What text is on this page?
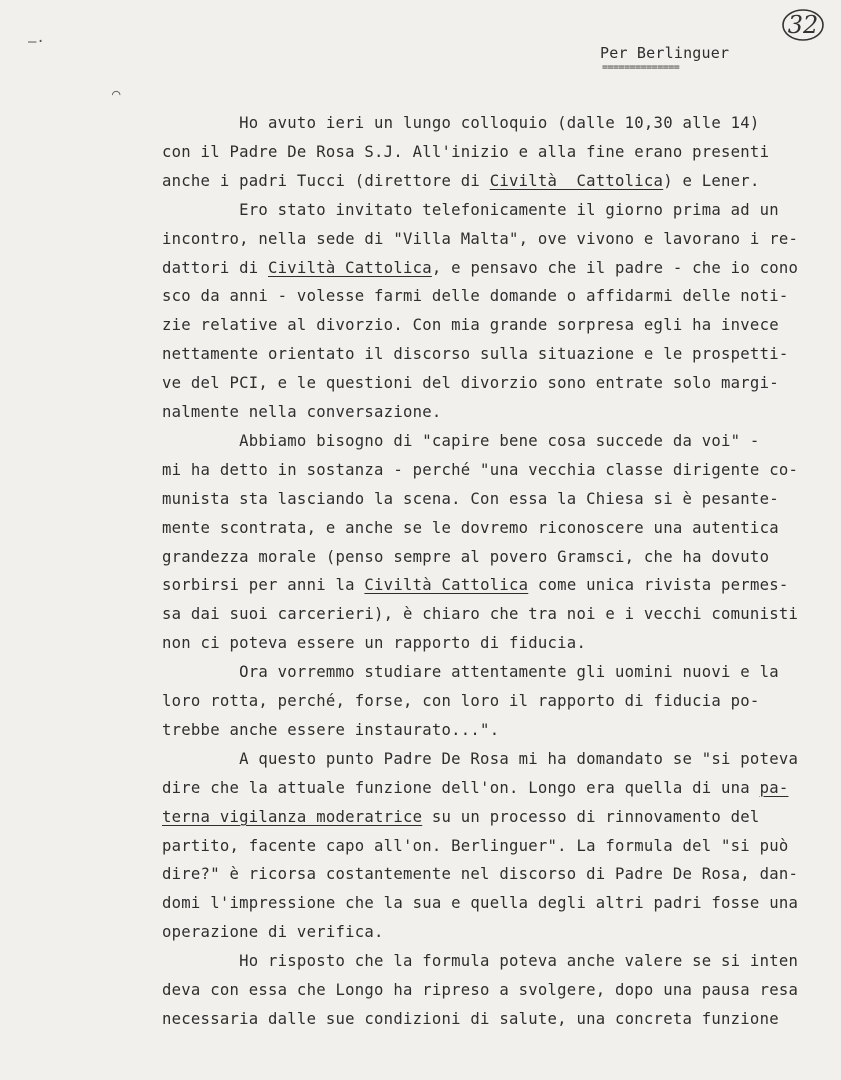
32
Per Berlinguer
==============
—·
⌒
Ho avuto ieri un lungo colloquio (dalle 10,30 alle 14)
con il Padre De Rosa S.J. All'inizio e alla fine erano presenti
anche i padri Tucci (direttore di Civiltà  Cattolica) e Lener.
Ero stato invitato telefonicamente il giorno prima ad un
incontro, nella sede di "Villa Malta", ove vivono e lavorano i re-
dattori di Civiltà Cattolica, e pensavo che il padre - che io cono
sco da anni - volesse farmi delle domande o affidarmi delle noti-
zie relative al divorzio. Con mia grande sorpresa egli ha invece
nettamente orientato il discorso sulla situazione e le prospetti-
ve del PCI, e le questioni del divorzio sono entrate solo margi-
nalmente nella conversazione.
Abbiamo bisogno di "capire bene cosa succede da voi" -
mi ha detto in sostanza - perché "una vecchia classe dirigente co-
munista sta lasciando la scena. Con essa la Chiesa si è pesante-
mente scontrata, e anche se le dovremo riconoscere una autentica
grandezza morale (penso sempre al povero Gramsci, che ha dovuto
sorbirsi per anni la Civiltà Cattolica come unica rivista permes-
sa dai suoi carcerieri), è chiaro che tra noi e i vecchi comunisti
non ci poteva essere un rapporto di fiducia.
Ora vorremmo studiare attentamente gli uomini nuovi e la
loro rotta, perché, forse, con loro il rapporto di fiducia po-
trebbe anche essere instaurato...".
A questo punto Padre De Rosa mi ha domandato se "si poteva
dire che la attuale funzione dell'on. Longo era quella di una pa-
terna vigilanza moderatrice su un processo di rinnovamento del
partito, facente capo all'on. Berlinguer". La formula del "si può
dire?" è ricorsa costantemente nel discorso di Padre De Rosa, dan-
domi l'impressione che la sua e quella degli altri padri fosse una
operazione di verifica.
Ho risposto che la formula poteva anche valere se si inten
deva con essa che Longo ha ripreso a svolgere, dopo una pausa resa
necessaria dalle sue condizioni di salute, una concreta funzione
